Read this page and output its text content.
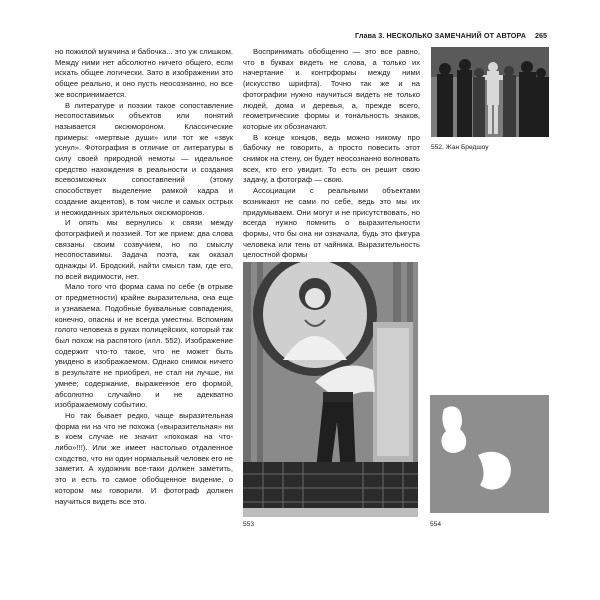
Глава 3. НЕСКОЛЬКО ЗАМЕЧАНИЙ ОТ АВТОРА	265

но пожилой мужчина и бабочка... это уж слишком. Между ними нет абсолютно ничего общего, если искать общее логически. Зато в изображении это общее реально, и оно пусть неосознанно, но все же воспринимается.

В литературе и поэзии такое сопоставление несопоставимых объектов или понятий называется оксюмороном. Классические примеры: «мертвые души» или тот же «звук уснул». Фотография в отличие от литературы в силу своей природной немоты — идеальное средство нахождения в реальности и создания всевозможных сопоставлений (этому способствует выделение рамкой кадра и создание акцентов), в том числе и самых острых и неожиданных зрительных оксюморонов.

И опять мы вернулись к связи между фотографией и поэзией. Тот же прием: два слова связаны своим созвучием, но по смыслу несопоставимы. Задача поэта, как оказал однажды И. Бродский, найти смысл там, где его, по всей видимости, нет.

Мало того что форма сама по себе (в отрыве от предметности) крайне выразительна, она еще и узнаваема. Подобные буквальные совпадения, конечно, опасны и не всегда уместны. Вспомним голого человека в руках полицейских, который так был похож на распятого (илл. 552). Изображение содержит что-то такое, что не может быть увидено в изображаемом. Однако снимок ничего в результате не приобрел, не стал ни лучше, ни умнее; содержание, выраженное его формой, абсолютно случайно и не адекватно изображаемому событию.

Но так бывает редко, чаще выразительная форма ни на что не похожа («выразительная» ни в коем случае не значит «похожая на что-либо»!!!). Или же имеет настолько отдаленное сходство, что ни один нормальный человек его не заметит. А художник все-таки должен заметить, это и есть то самое обобщенное видение, о котором мы говорили. И фотограф должен научиться видеть все это.

Воспринимать обобщенно — это все равно, что в буквах видеть не слова, а только их начертание и контрформы между ними (искусство шрифта). Точно так же и на фотографии нужно научиться видеть не только людей, дома и деревья, а, прежде всего, геометрические формы и тональность знаков, которые их обозначают.

В конце концов, ведь можно никому про бабочку не говорить, а просто повесить этот снимок на стену, он будет неосознанно волновать всех, кто его увидит. То есть он решит свою задачу, а фотограф — свою.

Ассоциации с реальными объектами возникают не сами по себе, ведь это мы их придумываем. Они могут и не присутствовать, но всегда нужно помнить о выразительности формы, что бы она ни означала, будь это фигура человека или тень от чайника. Выразительность целостной формы

552. Жан Бредшоу
553	554
